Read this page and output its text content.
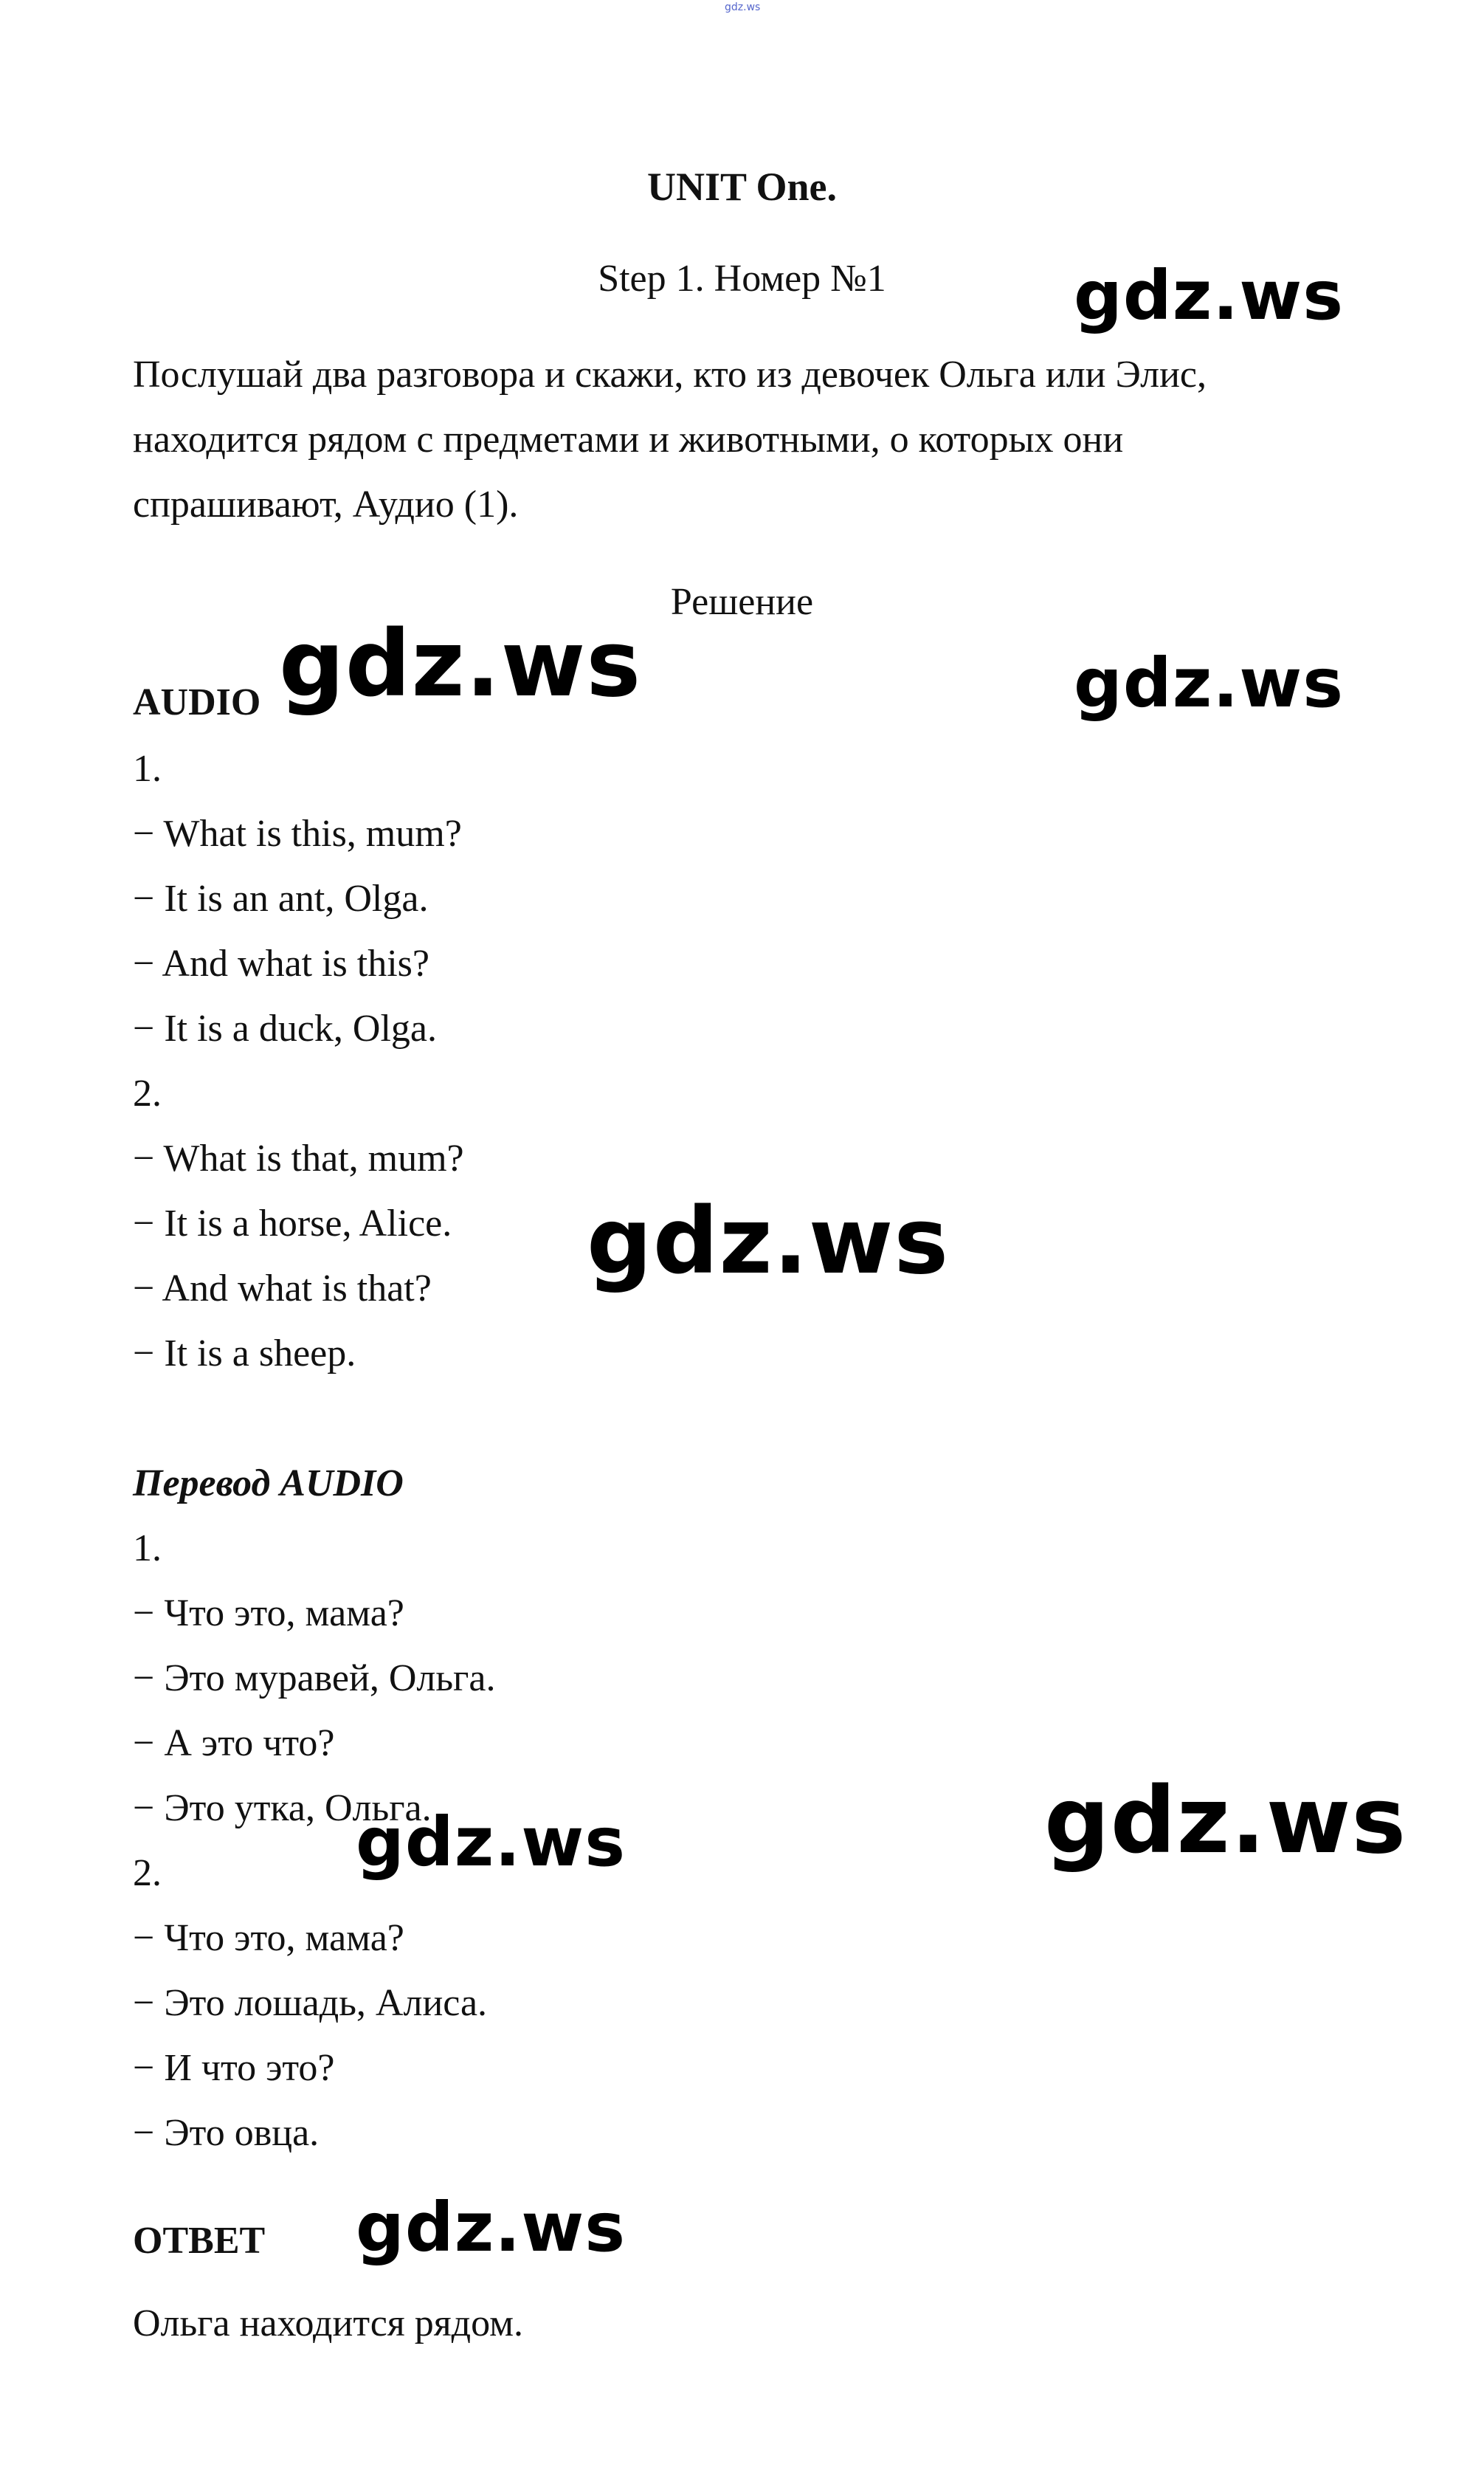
gdz.ws
UNIT One.
Step 1. Номер №1
Послушай два разговора и скажи, кто из девочек Ольга или Элис,
находится рядом с предметами и животными, о которых они
спрашивают, Аудио (1).
Решение
AUDIO
1.
− What is this, mum?
− It is an ant, Olga.
− And what is this?
− It is a duck, Olga.
2.
− What is that, mum?
− It is a horse, Alice.
− And what is that?
− It is a sheep.
Перевод AUDIO
1.
− Что это, мама?
− Это муравей, Ольга.
− А это что?
− Это утка, Ольга.
2.
− Что это, мама?
− Это лошадь, Алиса.
− И что это?
− Это овца.
ОТВЕТ
Ольга находится рядом.
gdz.ws
gdz.ws	gdz.ws
gdz.ws
gdz.ws
gdz.ws
gdz.ws
